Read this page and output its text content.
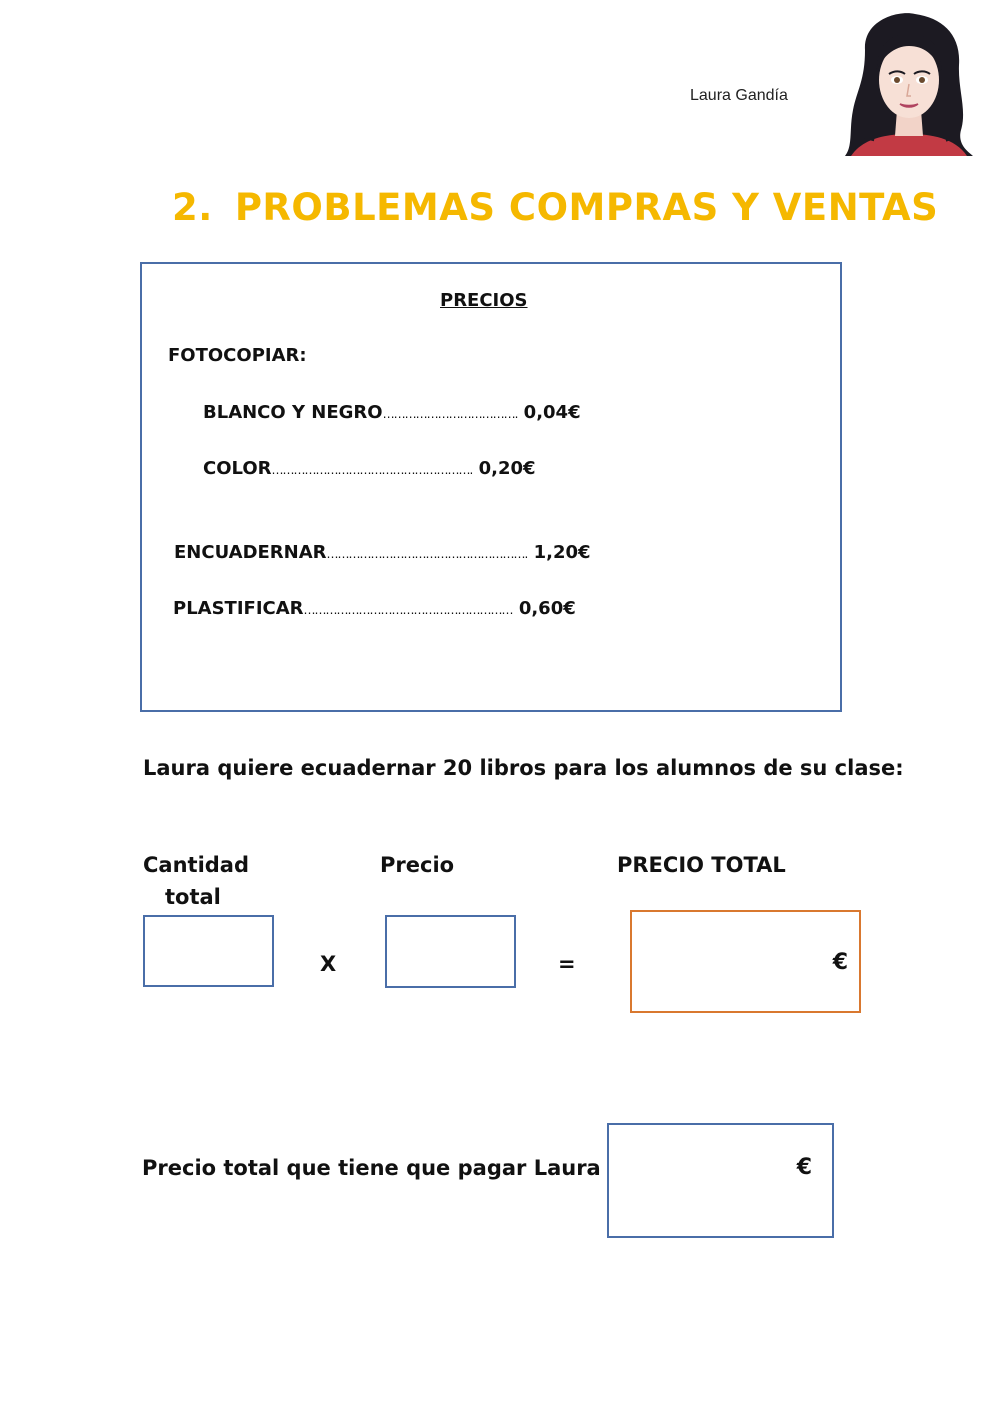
Laura Gandía
2. PROBLEMAS COMPRAS Y VENTAS
PRECIOS
FOTOCOPIAR:
BLANCO Y NEGRO………………………………. 0,04€
COLOR………………………………………………. 0,20€
ENCUADERNAR………………………………………………. 1,20€
PLASTIFICAR………………………………………………… 0,60€
Laura quiere ecuadernar 20 libros para los alumnos de su clase:
Cantidad
total
Precio	PRECIO TOTAL
X	=	€
Precio total que tiene que pagar Laura	€
